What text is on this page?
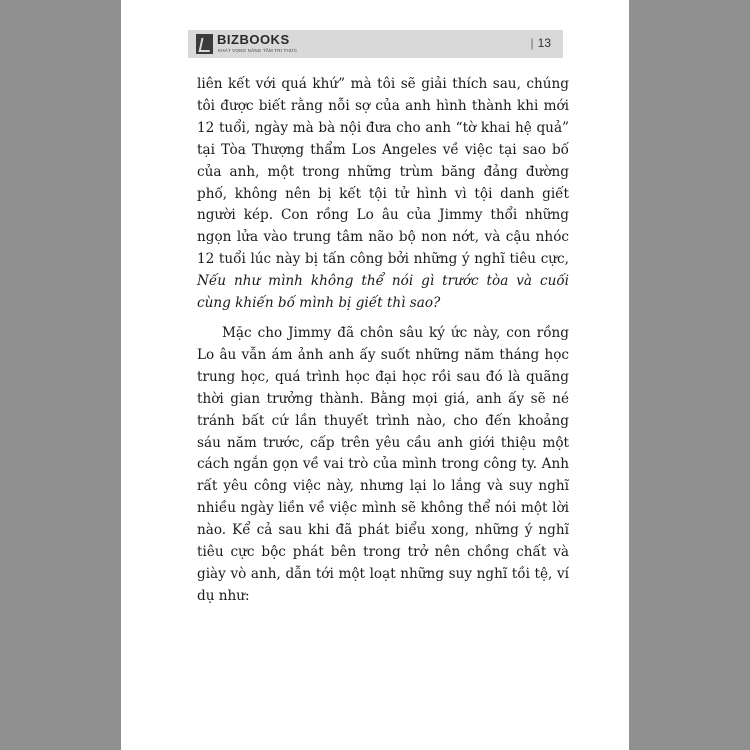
BIZBOOKS
KHÁT VỌNG NÂNG TẦM TRI THỨC
| 13

liên kết với quá khứ” mà tôi sẽ giải thích sau, chúng tôi được biết rằng nỗi sợ của anh hình thành khi mới 12 tuổi, ngày mà bà nội đưa cho anh “tờ khai hệ quả” tại Tòa Thượng thẩm Los Angeles về việc tại sao bố của anh, một trong những trùm băng đảng đường phố, không nên bị kết tội tử hình vì tội danh giết người kép. Con rồng Lo âu của Jimmy thổi những ngọn lửa vào trung tâm não bộ non nớt, và cậu nhóc 12 tuổi lúc này bị tấn công bởi những ý nghĩ tiêu cực, Nếu như mình không thể nói gì trước tòa và cuối cùng khiến bố mình bị giết thì sao?

Mặc cho Jimmy đã chôn sâu ký ức này, con rồng Lo âu vẫn ám ảnh anh ấy suốt những năm tháng học trung học, quá trình học đại học rồi sau đó là quãng thời gian trưởng thành. Bằng mọi giá, anh ấy sẽ né tránh bất cứ lần thuyết trình nào, cho đến khoảng sáu năm trước, cấp trên yêu cầu anh giới thiệu một cách ngắn gọn về vai trò của mình trong công ty. Anh rất yêu công việc này, nhưng lại lo lắng và suy nghĩ nhiều ngày liền về việc mình sẽ không thể nói một lời nào. Kể cả sau khi đã phát biểu xong, những ý nghĩ tiêu cực bộc phát bên trong trở nên chồng chất và giày vò anh, dẫn tới một loạt những suy nghĩ tồi tệ, ví dụ như:
